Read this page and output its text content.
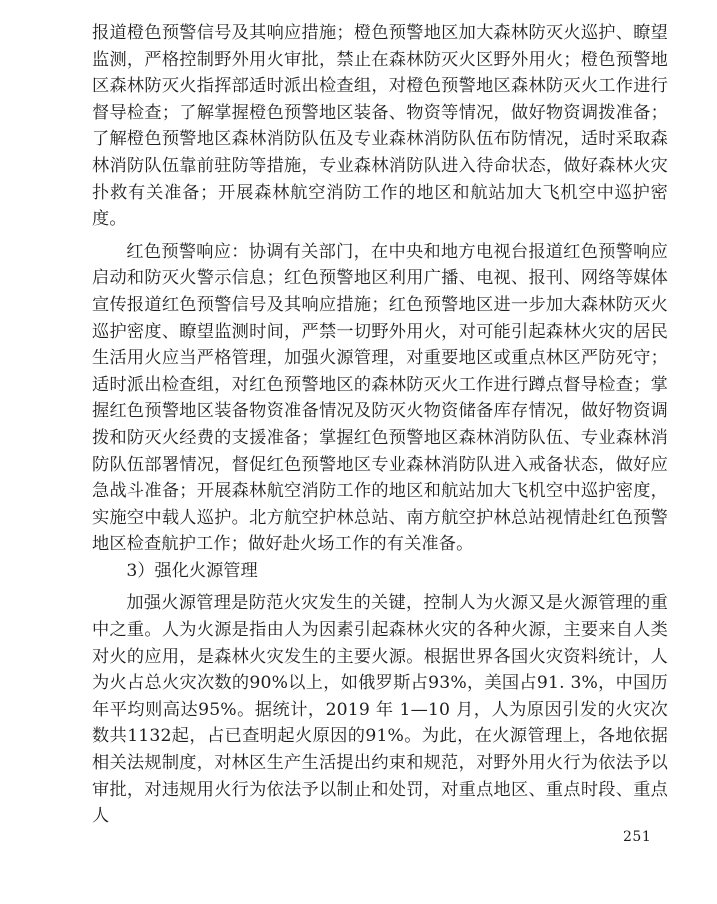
报道橙色预警信号及其响应措施；橙色预警地区加大森林防灭火巡护、瞭望监测，严格控制野外用火审批，禁止在森林防灭火区野外用火；橙色预警地区森林防灭火指挥部适时派出检查组，对橙色预警地区森林防灭火工作进行督导检查；了解掌握橙色预警地区装备、物资等情况，做好物资调拨准备；了解橙色预警地区森林消防队伍及专业森林消防队伍布防情况，适时采取森林消防队伍靠前驻防等措施，专业森林消防队进入待命状态，做好森林火灾扑救有关准备；开展森林航空消防工作的地区和航站加大飞机空中巡护密度。

红色预警响应：协调有关部门，在中央和地方电视台报道红色预警响应启动和防灭火警示信息；红色预警地区利用广播、电视、报刊、网络等媒体宣传报道红色预警信号及其响应措施；红色预警地区进一步加大森林防灭火巡护密度、瞭望监测时间，严禁一切野外用火，对可能引起森林火灾的居民生活用火应当严格管理，加强火源管理，对重要地区或重点林区严防死守；适时派出检查组，对红色预警地区的森林防灭火工作进行蹲点督导检查；掌握红色预警地区装备物资准备情况及防灭火物资储备库存情况，做好物资调拨和防灭火经费的支援准备；掌握红色预警地区森林消防队伍、专业森林消防队伍部署情况，督促红色预警地区专业森林消防队进入戒备状态，做好应急战斗准备；开展森林航空消防工作的地区和航站加大飞机空中巡护密度，实施空中载人巡护。北方航空护林总站、南方航空护林总站视情赴红色预警地区检查航护工作；做好赴火场工作的有关准备。

3）强化火源管理

加强火源管理是防范火灾发生的关键，控制人为火源又是火源管理的重中之重。人为火源是指由人为因素引起森林火灾的各种火源，主要来自人类对火的应用，是森林火灾发生的主要火源。根据世界各国火灾资料统计，人为火占总火灾次数的90%以上，如俄罗斯占93%，美国占91. 3%，中国历年平均则高达95%。据统计，2019 年 1—10 月，人为原因引发的火灾次数共1132起，占已查明起火原因的91%。为此，在火源管理上，各地依据相关法规制度，对林区生产生活提出约束和规范，对野外用火行为依法予以审批，对违规用火行为依法予以制止和处罚，对重点地区、重点时段、重点人

251
